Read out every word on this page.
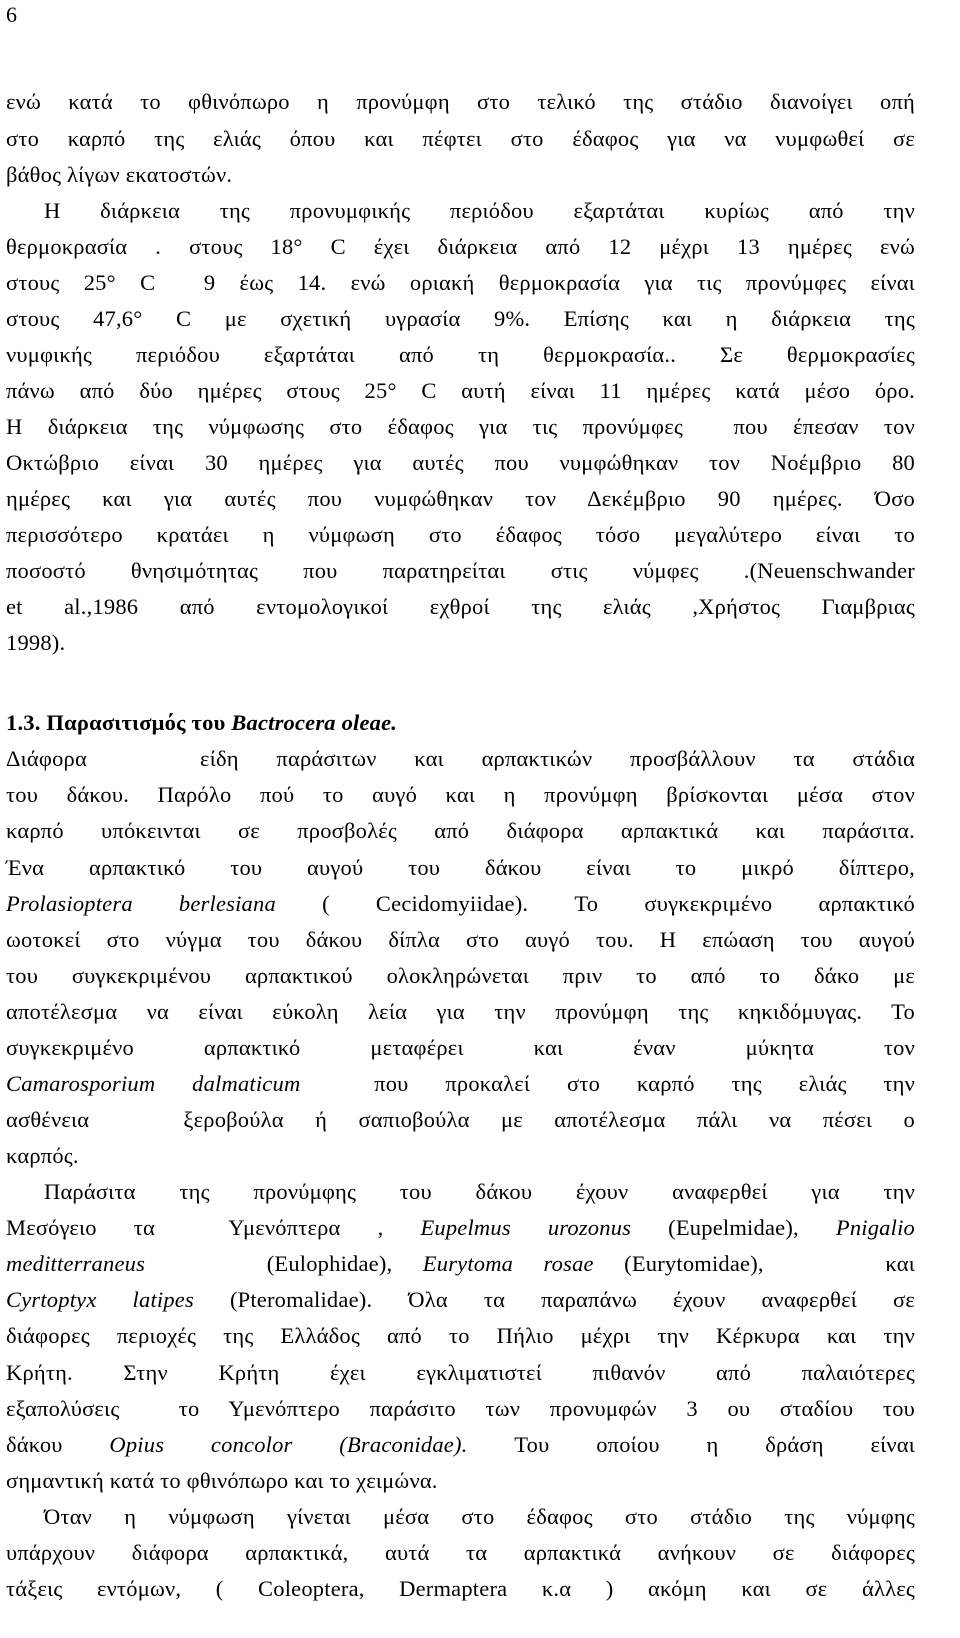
6
ενώ κατά το φθινόπωρο η προνύμφη στο τελικό της στάδιο διανοίγει οπή
στο καρπό της ελιάς όπου και πέφτει στο έδαφος για να νυμφωθεί σε
βάθος λίγων εκατοστών.
Η διάρκεια της προνυμφικής περιόδου εξαρτάται κυρίως από την
θερμοκρασία . στους 18° C έχει διάρκεια από 12 μέχρι 13 ημέρες ενώ
στους 25° C  9 έως 14. ενώ οριακή θερμοκρασία για τις προνύμφες είναι
στους 47,6° C με σχετική υγρασία 9%. Επίσης και η διάρκεια της
νυμφικής περιόδου εξαρτάται από τη θερμοκρασία.. Σε θερμοκρασίες
πάνω από δύο ημέρες στους 25° C αυτή είναι 11 ημέρες κατά μέσο όρο.
Η διάρκεια της νύμφωσης στο έδαφος για τις προνύμφες  που έπεσαν τον
Οκτώβριο είναι 30 ημέρες για αυτές που νυμφώθηκαν τον Νοέμβριο 80
ημέρες και για αυτές που νυμφώθηκαν τον Δεκέμβριο 90 ημέρες. Όσο
περισσότερο κρατάει η νύμφωση στο έδαφος τόσο μεγαλύτερο είναι το
ποσοστό θνησιμότητας που παρατηρείται στις νύμφες .(Neuenschwander
et al.,1986 από εντομολογικοί εχθροί της ελιάς ,Χρήστος Γιαμβριας
1998).
1.3. Παρασιτισμός του Bactrocera oleae.
Διάφορα   είδη παράσιτων και αρπακτικών προσβάλλουν τα στάδια
του δάκου. Παρόλο πού το αυγό και η προνύμφη βρίσκονται μέσα στον
καρπό υπόκεινται σε προσβολές από διάφορα αρπακτικά και παράσιτα.
Ένα αρπακτικό του αυγού του δάκου είναι το μικρό δίπτερο,
Prolasioptera berlesiana ( Cecidomyiidae). Το συγκεκριμένο αρπακτικό
ωοτοκεί στο νύγμα του δάκου δίπλα στο αυγό του. Η επώαση του αυγού
του συγκεκριμένου αρπακτικού ολοκληρώνεται πριν το από το δάκο με
αποτέλεσμα να είναι εύκολη λεία για την προνύμφη της κηκιδόμυγας. Το
συγκεκριμένο αρπακτικό μεταφέρει και έναν μύκητα τον
Camarosporium dalmaticum  που προκαλεί στο καρπό της ελιάς την
ασθένεια   ξεροβούλα ή σαπιοβούλα με αποτέλεσμα πάλι να πέσει ο
καρπός.
Παράσιτα της προνύμφης του δάκου έχουν αναφερθεί για την
Μεσόγειο τα  Υμενόπτερα , Eupelmus urozonus (Eupelmidae), Pnigalio
meditterraneus    (Eulophidae), Eurytoma rosae (Eurytomidae),    και
Cyrtoptyx latipes (Pteromalidae). Όλα τα παραπάνω έχουν αναφερθεί σε
διάφορες περιοχές της Ελλάδος από το Πήλιο μέχρι την Κέρκυρα και την
Κρήτη. Στην Κρήτη έχει εγκλιματιστεί πιθανόν από παλαιότερες
εξαπολύσεις  το Υμενόπτερο παράσιτο των προνυμφών 3 ου σταδίου του
δάκου Opius concolor (Braconidae). Του οποίου η δράση είναι
σημαντική κατά το φθινόπωρο και το χειμώνα.
Όταν η νύμφωση γίνεται μέσα στο έδαφος στο στάδιο της νύμφης
υπάρχουν διάφορα αρπακτικά, αυτά τα αρπακτικά ανήκουν σε διάφορες
τάξεις εντόμων, ( Coleoptera, Dermaptera κ.α ) ακόμη και σε άλλες
